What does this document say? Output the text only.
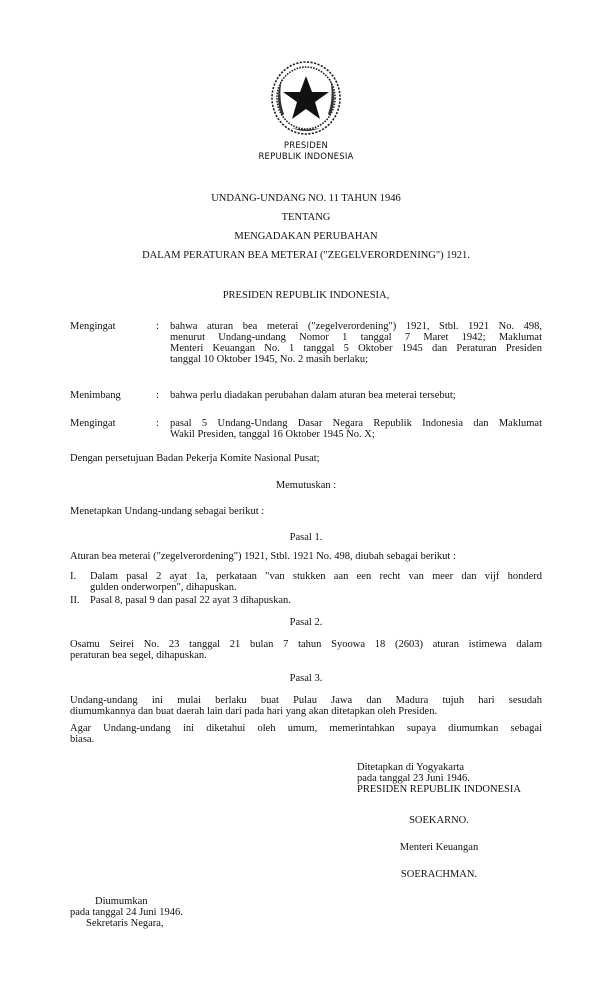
PRESIDEN
REPUBLIK INDONESIA
UNDANG-UNDANG NO. 11 TAHUN 1946
TENTANG
MENGADAKAN PERUBAHAN
DALAM PERATURAN BEA METERAI ("ZEGELVERORDENING") 1921.
PRESIDEN REPUBLIK INDONESIA,
Mengingat	: bahwa aturan bea meterai ("zegelverordening") 1921, Stbl. 1921 No. 498,
menurut Undang-undang Nomor 1 tanggal 7 Maret 1942; Maklumat
Menteri Keuangan No. 1 tanggal 5 Oktober 1945 dan Peraturan Presiden
tanggal 10 Oktober 1945, No. 2 masih berlaku;
Menimbang	: bahwa perlu diadakan perubahan dalam aturan bea meterai tersebut;
Mengingat	: pasal 5 Undang-Undang Dasar Negara Republik Indonesia dan Maklumat
Wakil Presiden, tanggal 16 Oktober 1945 No. X;
Dengan persetujuan Badan Pekerja Komite Nasional Pusat;
Memutuskan :
Menetapkan Undang-undang sebagai berikut :
Pasal 1.
Aturan bea meterai ("zegelverordening") 1921, Stbl. 1921 No. 498, diubah sebagai berikut :
I. Dalam pasal 2 ayat 1a, perkataan "van stukken aan een recht van meer dan vijf honderd
gulden onderworpen", dihapuskan.
II. Pasal 8, pasal 9 dan pasal 22 ayat 3 dihapuskan.
Pasal 2.
Osamu Seirei No. 23 tanggal 21 bulan 7 tahun Syoowa 18 (2603) aturan istimewa dalam
peraturan bea segel, dihapuskan.
Pasal 3.
Undang-undang ini mulai berlaku buat Pulau Jawa dan Madura tujuh hari sesudah
diumumkannya dan buat daerah lain dari pada hari yang akan ditetapkan oleh Presiden.
Agar Undang-undang ini diketahui oleh umum, memerintahkan supaya diumumkan sebagai
biasa.
Ditetapkan di Yogyakarta
pada tanggal 23 Juni 1946.
PRESIDEN REPUBLIK INDONESIA
SOEKARNO.
Menteri Keuangan
SOERACHMAN.
Diumumkan
pada tanggal 24 Juni 1946.
Sekretaris Negara,
